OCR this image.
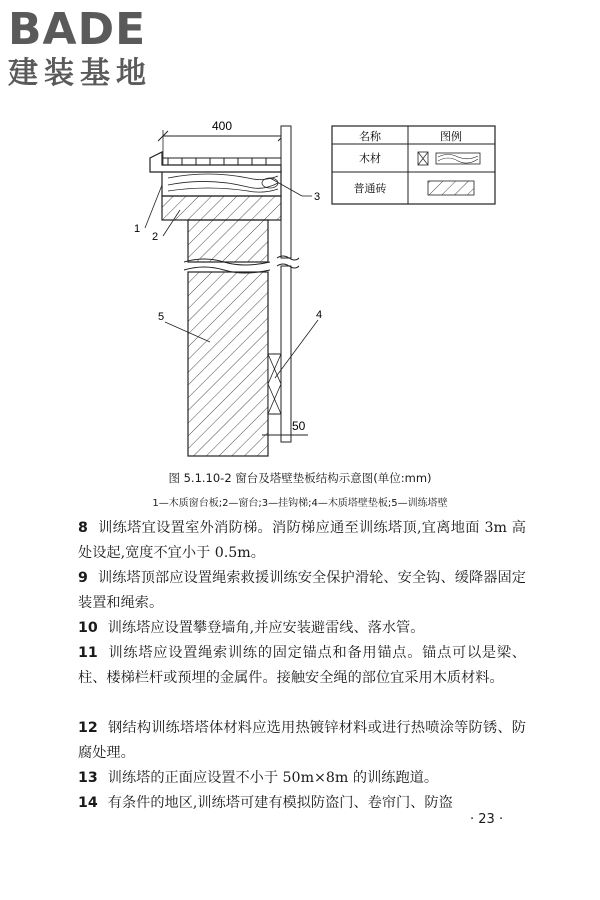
BADE
建装基地
400
50
1
2
3
4
5
名称	图例
木材
普通砖
图 5.1.10-2 窗台及塔壁垫板结构示意图(单位:mm)
1—木质窗台板;2—窗台;3—挂钩梯;4—木质塔壁垫板;5—训练塔壁
8 训练塔宜设置室外消防梯。消防梯应通至训练塔顶,宜离地面 3m 高处设起,宽度不宜小于 0.5m。
9 训练塔顶部应设置绳索救援训练安全保护滑轮、安全钩、缓降器固定装置和绳索。
10 训练塔应设置攀登墙角,并应安装避雷线、落水管。
11 训练塔应设置绳索训练的固定锚点和备用锚点。锚点可以是梁、柱、楼梯栏杆或预埋的金属件。接触安全绳的部位宜采用木质材料。
12 钢结构训练塔塔体材料应选用热镀锌材料或进行热喷涂等防锈、防腐处理。
13 训练塔的正面应设置不小于 50m×8m 的训练跑道。
14 有条件的地区,训练塔可建有模拟防盗门、卷帘门、防盗
· 23 ·
